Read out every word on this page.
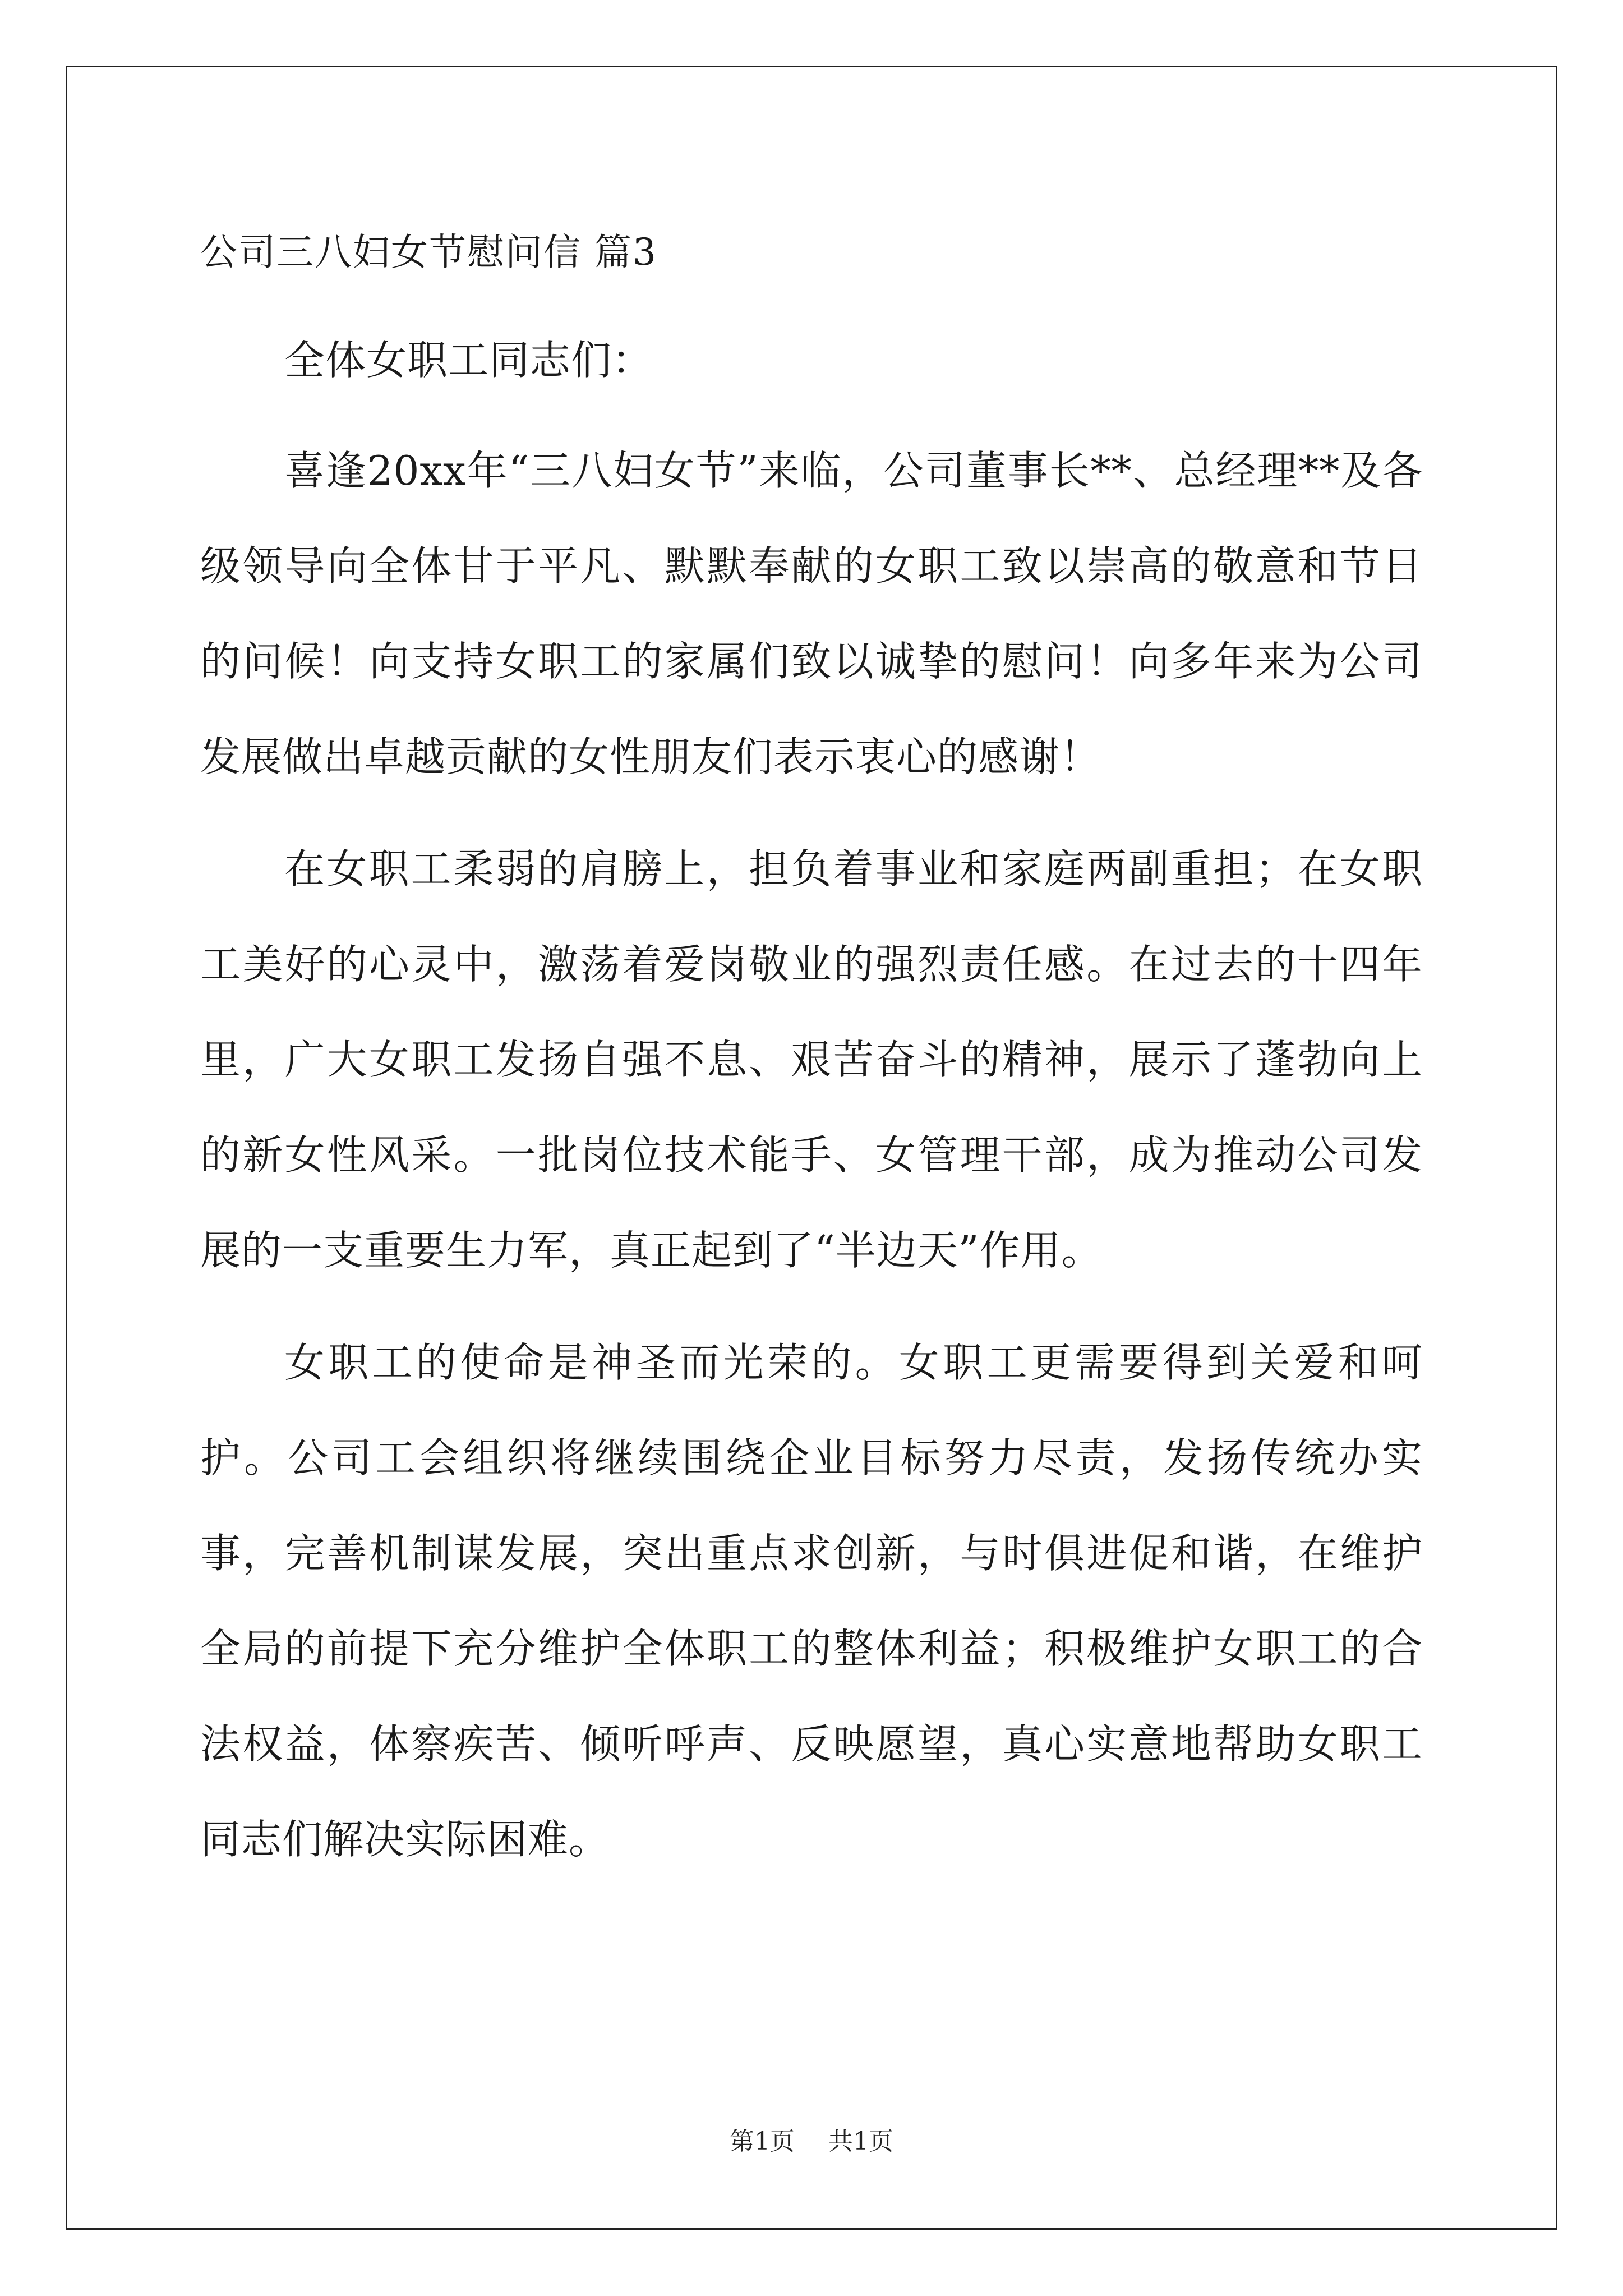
公司三八妇女节慰问信 篇3

全体女职工同志们：

喜逢20xx年“三八妇女节”来临，公司董事长**、总经理**及各级领导向全体甘于平凡、默默奉献的女职工致以崇高的敬意和节日的问候！向支持女职工的家属们致以诚挚的慰问！向多年来为公司发展做出卓越贡献的女性朋友们表示衷心的感谢！

在女职工柔弱的肩膀上，担负着事业和家庭两副重担；在女职工美好的心灵中，激荡着爱岗敬业的强烈责任感。在过去的十四年里，广大女职工发扬自强不息、艰苦奋斗的精神，展示了蓬勃向上的新女性风采。一批岗位技术能手、女管理干部，成为推动公司发展的一支重要生力军，真正起到了“半边天”作用。

女职工的使命是神圣而光荣的。女职工更需要得到关爱和呵护。公司工会组织将继续围绕企业目标努力尽责，发扬传统办实事，完善机制谋发展，突出重点求创新，与时俱进促和谐，在维护全局的前提下充分维护全体职工的整体利益；积极维护女职工的合法权益，体察疾苦、倾听呼声、反映愿望，真心实意地帮助女职工同志们解决实际困难。

第1页 共1页
